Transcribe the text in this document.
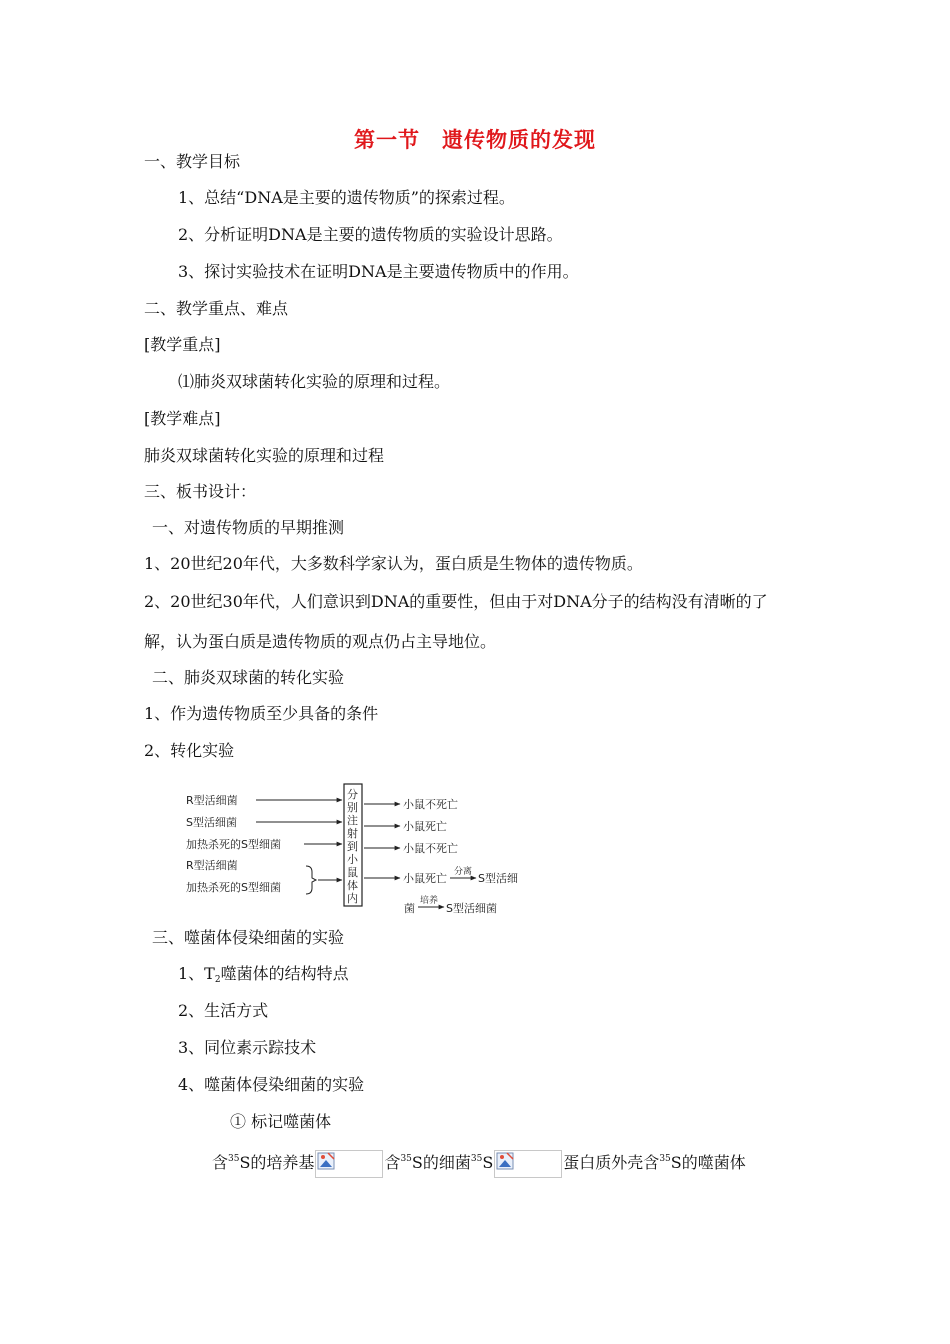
第一节　遗传物质的发现
一、教学目标
1、总结“DNA是主要的遗传物质”的探索过程。
2、分析证明DNA是主要的遗传物质的实验设计思路。
3、探讨实验技术在证明DNA是主要遗传物质中的作用。
二、教学重点、难点
[教学重点]
⑴肺炎双球菌转化实验的原理和过程。
[教学难点]
肺炎双球菌转化实验的原理和过程
三、板书设计：
一、对遗传物质的早期推测
1、20世纪20年代，大多数科学家认为，蛋白质是生物体的遗传物质。
2、20世纪30年代，人们意识到DNA的重要性，但由于对DNA分子的结构没有清晰的了
解，认为蛋白质是遗传物质的观点仍占主导地位。
二、肺炎双球菌的转化实验
1、作为遗传物质至少具备的条件
2、转化实验
R型活细菌
S型活细菌
加热杀死的S型细菌
R型活细菌
加热杀死的S型细菌
分
别
注
射
到
小
鼠
体
内
小鼠不死亡
小鼠死亡
小鼠不死亡
小鼠死亡 分离 S型活细
菌
培养
S型活细菌
三、噬菌体侵染细菌的实验
1、$T_2$噬菌体的结构特点
2、生活方式
3、同位素示踪技术
4、噬菌体侵染细菌的实验
① 标记噬菌体
含$^{35}$S的培养基	含$^{35}$S的细菌$^{35}$S	蛋白质外壳含$^{35}$S的噬菌体
